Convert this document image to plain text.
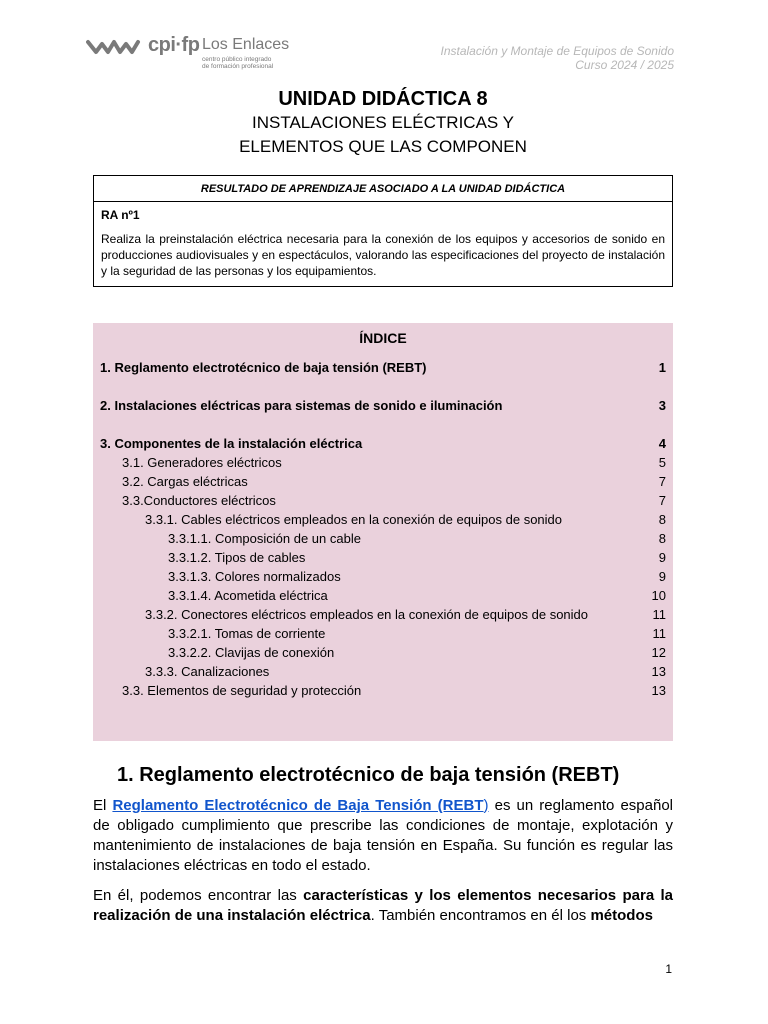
cpi·fp Los Enlaces
centro público integrado
de formación profesional
Instalación y Montaje de Equipos de Sonido
Curso 2024 / 2025
UNIDAD DIDÁCTICA 8
INSTALACIONES ELÉCTRICAS Y
ELEMENTOS QUE LAS COMPONEN
RESULTADO DE APRENDIZAJE ASOCIADO A LA UNIDAD DIDÁCTICA
RA nº1
Realiza la preinstalación eléctrica necesaria para la conexión de los equipos y accesorios de sonido en producciones audiovisuales y en espectáculos, valorando las especificaciones del proyecto de instalación y la seguridad de las personas y los equipamientos.
ÍNDICE
1. Reglamento electrotécnico de baja tensión (REBT)	1
2. Instalaciones eléctricas para sistemas de sonido e iluminación	3
3. Componentes de la instalación eléctrica	4
3.1. Generadores eléctricos	5
3.2. Cargas eléctricas	7
3.3.Conductores eléctricos	7
3.3.1. Cables eléctricos empleados en la conexión de equipos de sonido	8
3.3.1.1. Composición de un cable	8
3.3.1.2. Tipos de cables	9
3.3.1.3. Colores normalizados	9
3.3.1.4. Acometida eléctrica	10
3.3.2. Conectores eléctricos empleados en la conexión de equipos de sonido	11
3.3.2.1. Tomas de corriente	11
3.3.2.2. Clavijas de conexión	12
3.3.3. Canalizaciones	13
3.3. Elementos de seguridad y protección	13
1. Reglamento electrotécnico de baja tensión (REBT)
El Reglamento Electrotécnico de Baja Tensión (REBT) es un reglamento español de obligado cumplimiento que prescribe las condiciones de montaje, explotación y mantenimiento de instalaciones de baja tensión en España. Su función es regular las instalaciones eléctricas en todo el estado.
En él, podemos encontrar las características y los elementos necesarios para la realización de una instalación eléctrica. También encontramos en él los métodos
1
